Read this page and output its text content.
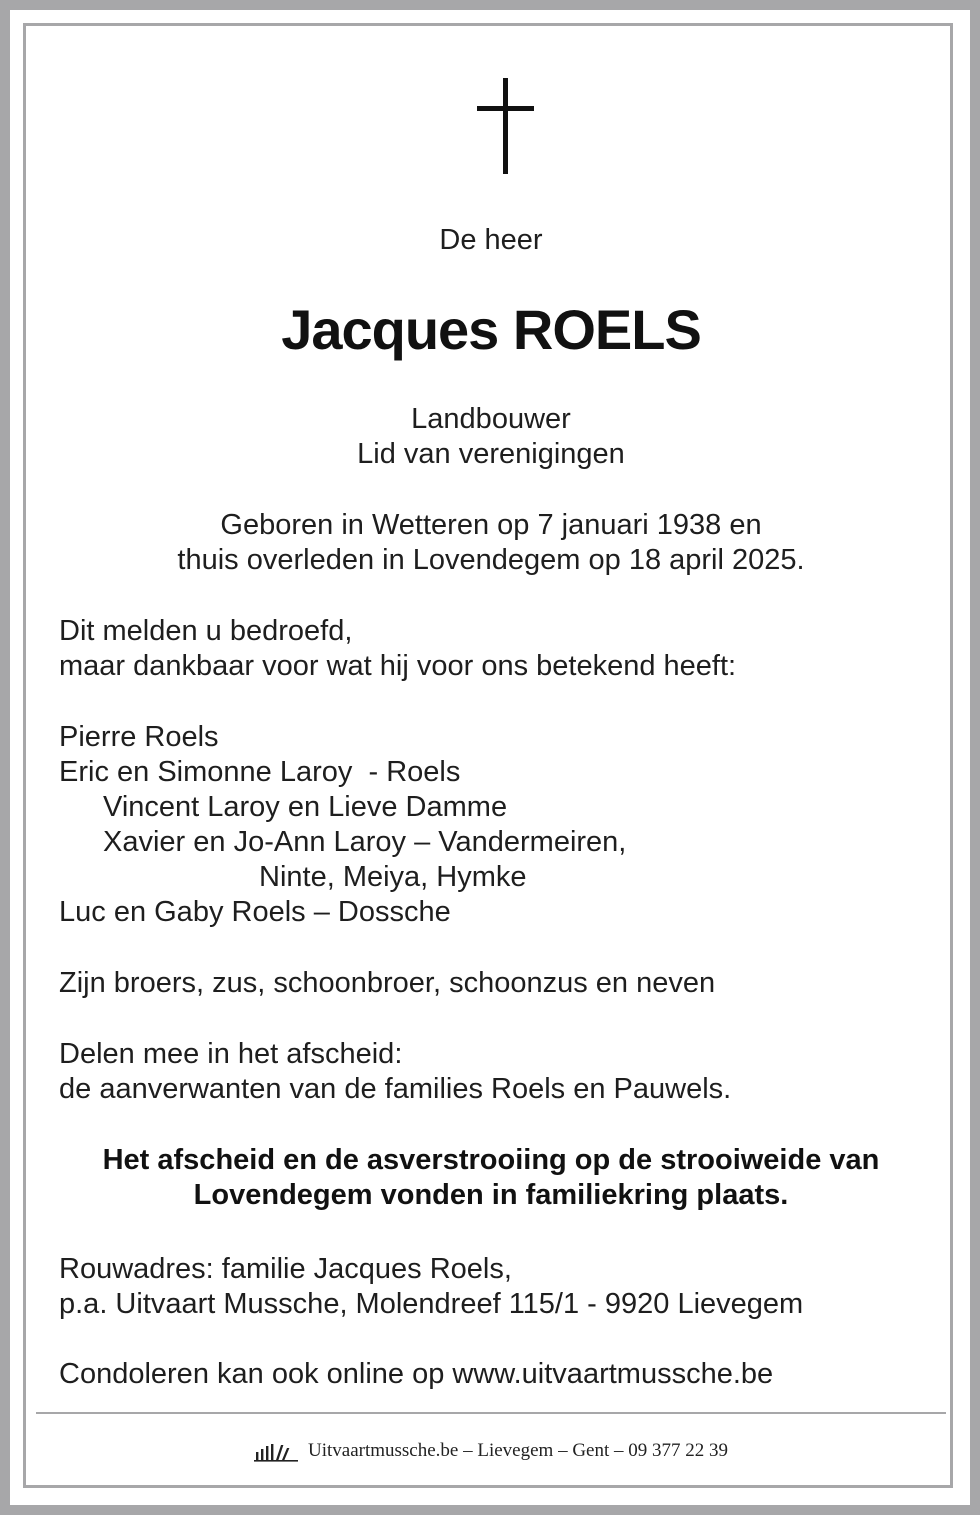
De heer
Jacques ROELS
Landbouwer
Lid van verenigingen
Geboren in Wetteren op 7 januari 1938 en
thuis overleden in Lovendegem op 18 april 2025.
Dit melden u bedroefd,
maar dankbaar voor wat hij voor ons betekend heeft:
Pierre Roels
Eric en Simonne Laroy  - Roels
Vincent Laroy en Lieve Damme
Xavier en Jo-Ann Laroy – Vandermeiren,
Ninte, Meiya, Hymke
Luc en Gaby Roels – Dossche
Zijn broers, zus, schoonbroer, schoonzus en neven
Delen mee in het afscheid:
de aanverwanten van de families Roels en Pauwels.
Het afscheid en de asverstrooiing op de strooiweide van
Lovendegem vonden in familiekring plaats.
Rouwadres: familie Jacques Roels,
p.a. Uitvaart Mussche, Molendreef 115/1 - 9920 Lievegem
Condoleren kan ook online op www.uitvaartmussche.be
Uitvaartmussche.be – Lievegem – Gent – 09 377 22 39
